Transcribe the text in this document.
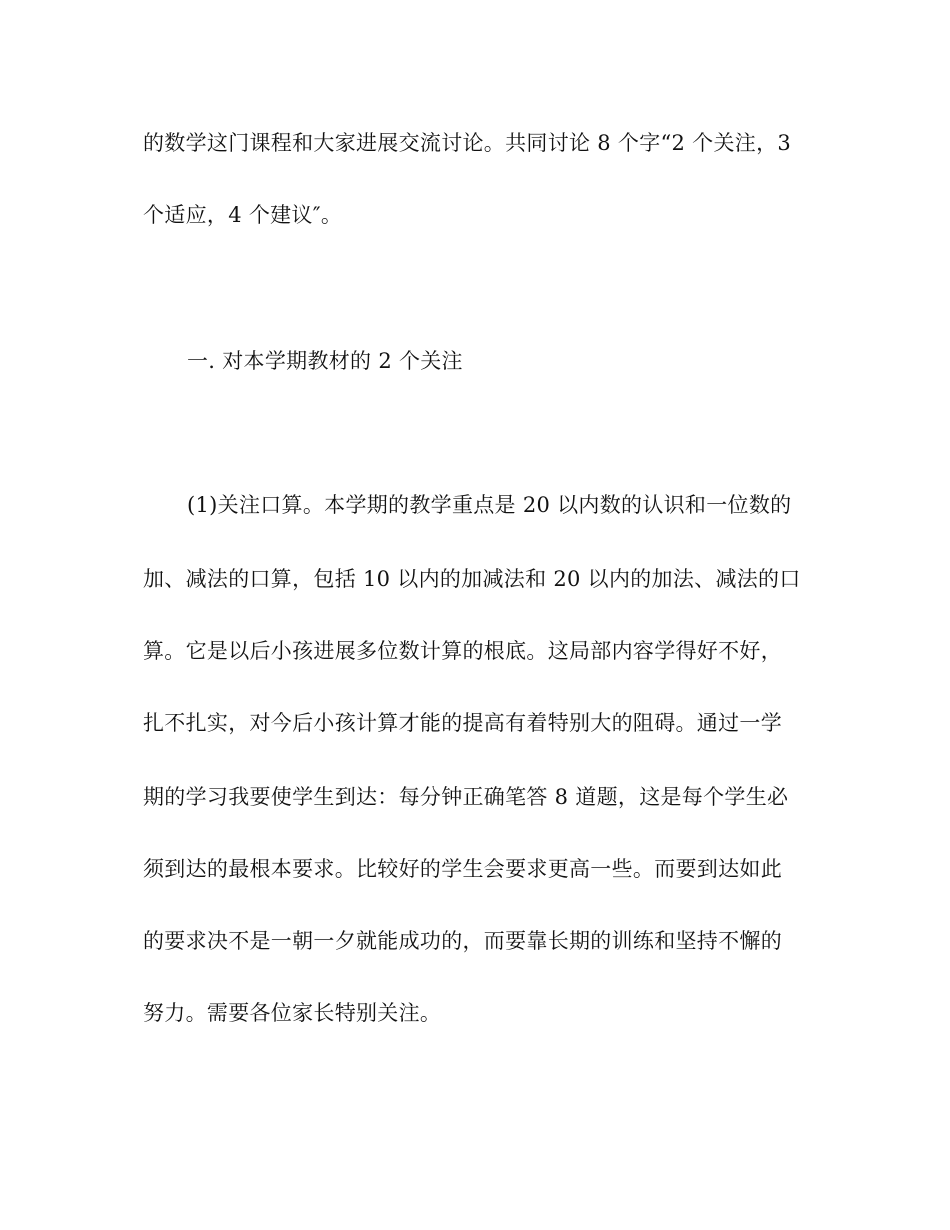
的数学这门课程和大家进展交流讨论。共同讨论 8 个字“2 个关注，3
个适应，4 个建议″。
一. 对本学期教材的 2 个关注
(1)关注口算。本学期的教学重点是 20 以内数的认识和一位数的
加、减法的口算，包括 10 以内的加减法和 20 以内的加法、减法的口
算。它是以后小孩进展多位数计算的根底。这局部内容学得好不好，
扎不扎实，对今后小孩计算才能的提高有着特别大的阻碍。通过一学
期的学习我要使学生到达：每分钟正确笔答 8 道题，这是每个学生必
须到达的最根本要求。比较好的学生会要求更高一些。而要到达如此
的要求决不是一朝一夕就能成功的，而要靠长期的训练和坚持不懈的
努力。需要各位家长特别关注。
